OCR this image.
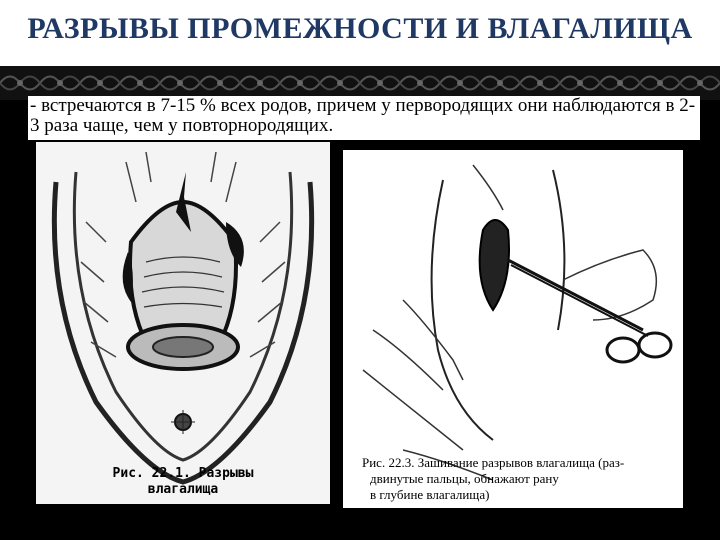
РАЗРЫВЫ ПРОМЕЖНОСТИ И ВЛАГАЛИЩА
- встречаются в 7-15 % всех родов, причем у первородящих они наблюдаются в 2-3 раза чаще, чем у повторнородящих.
Рис. 22.1. Разрывы
влагалища
Рис. 22.3. Зашивание разрывов влагалища (раз-
двинутые пальцы, обнажают рану
в глубине влагалища)
